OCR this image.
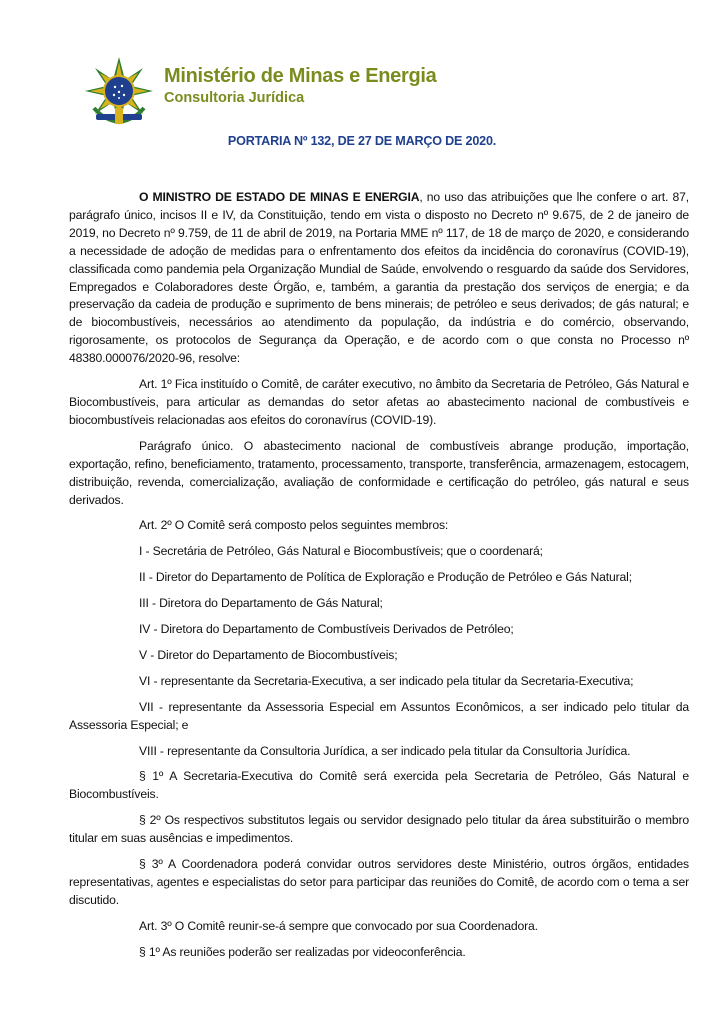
Ministério de Minas e Energia
Consultoria Jurídica
PORTARIA Nº 132, DE 27 DE MARÇO DE 2020.

O MINISTRO DE ESTADO DE MINAS E ENERGIA, no uso das atribuições que lhe confere o art. 87, parágrafo único, incisos II e IV, da Constituição, tendo em vista o disposto no Decreto nº 9.675, de 2 de janeiro de 2019, no Decreto nº 9.759, de 11 de abril de 2019, na Portaria MME nº 117, de 18 de março de 2020, e considerando a necessidade de adoção de medidas para o enfrentamento dos efeitos da incidência do coronavírus (COVID-19), classificada como pandemia pela Organização Mundial de Saúde, envolvendo o resguardo da saúde dos Servidores, Empregados e Colaboradores deste Órgão, e, também, a garantia da prestação dos serviços de energia; e da preservação da cadeia de produção e suprimento de bens minerais; de petróleo e seus derivados; de gás natural; e de biocombustíveis, necessários ao atendimento da população, da indústria e do comércio, observando, rigorosamente, os protocolos de Segurança da Operação, e de acordo com o que consta no Processo nº 48380.000076/2020-96, resolve:

Art. 1º Fica instituído o Comitê, de caráter executivo, no âmbito da Secretaria de Petróleo, Gás Natural e Biocombustíveis, para articular as demandas do setor afetas ao abastecimento nacional de combustíveis e biocombustíveis relacionadas aos efeitos do coronavírus (COVID-19).

Parágrafo único. O abastecimento nacional de combustíveis abrange produção, importação, exportação, refino, beneficiamento, tratamento, processamento, transporte, transferência, armazenagem, estocagem, distribuição, revenda, comercialização, avaliação de conformidade e certificação do petróleo, gás natural e seus derivados.

Art. 2º O Comitê será composto pelos seguintes membros:

I - Secretária de Petróleo, Gás Natural e Biocombustíveis; que o coordenará;

II - Diretor do Departamento de Política de Exploração e Produção de Petróleo e Gás Natural;

III - Diretora do Departamento de Gás Natural;

IV - Diretora do Departamento de Combustíveis Derivados de Petróleo;

V - Diretor do Departamento de Biocombustíveis;

VI - representante da Secretaria-Executiva, a ser indicado pela titular da Secretaria-Executiva;

VII - representante da Assessoria Especial em Assuntos Econômicos, a ser indicado pelo titular da Assessoria Especial; e

VIII - representante da Consultoria Jurídica, a ser indicado pela titular da Consultoria Jurídica.

§ 1º A Secretaria-Executiva do Comitê será exercida pela Secretaria de Petróleo, Gás Natural e Biocombustíveis.

§ 2º Os respectivos substitutos legais ou servidor designado pelo titular da área substituirão o membro titular em suas ausências e impedimentos.

§ 3º A Coordenadora poderá convidar outros servidores deste Ministério, outros órgãos, entidades representativas, agentes e especialistas do setor para participar das reuniões do Comitê, de acordo com o tema a ser discutido.

Art. 3º O Comitê reunir-se-á sempre que convocado por sua Coordenadora.

§ 1º As reuniões poderão ser realizadas por videoconferência.
